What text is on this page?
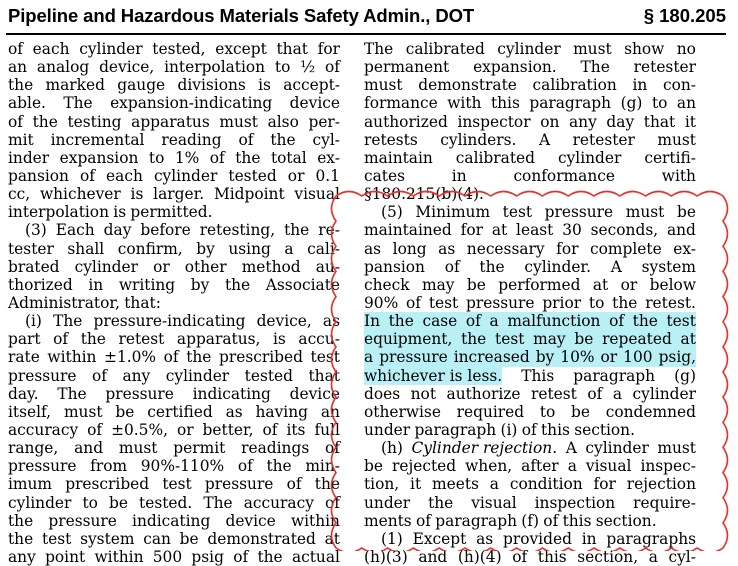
Pipeline and Hazardous Materials Safety Admin., DOT	§ 180.205
of each cylinder tested, except that for
an analog device, interpolation to ½ of
the marked gauge divisions is accept-
able. The expansion-indicating device
of the testing apparatus must also per-
mit incremental reading of the cyl-
inder expansion to 1% of the total ex-
pansion of each cylinder tested or 0.1
cc, whichever is larger. Midpoint visual
interpolation is permitted.
(3) Each day before retesting, the re-
tester shall confirm, by using a cali-
brated cylinder or other method au-
thorized in writing by the Associate
Administrator, that:
(i) The pressure-indicating device, as
part of the retest apparatus, is accu-
rate within ±1.0% of the prescribed test
pressure of any cylinder tested that
day. The pressure indicating device
itself, must be certified as having an
accuracy of ±0.5%, or better, of its full
range, and must permit readings of
pressure from 90%-110% of the min-
imum prescribed test pressure of the
cylinder to be tested. The accuracy of
the pressure indicating device within
the test system can be demonstrated at
any point within 500 psig of the actual
The calibrated cylinder must show no
permanent expansion. The retester
must demonstrate calibration in con-
formance with this paragraph (g) to an
authorized inspector on any day that it
retests cylinders. A retester must
maintain calibrated cylinder certifi-
cates	in	conformance	with
§180.215(b)(4).
(5) Minimum test pressure must be
maintained for at least 30 seconds, and
as long as necessary for complete ex-
pansion of the cylinder. A system
check may be performed at or below
90% of test pressure prior to the retest.
In the case of a malfunction of the test
equipment, the test may be repeated at
a pressure increased by 10% or 100 psig,
whichever is less. This paragraph (g)
does not authorize retest of a cylinder
otherwise required to be condemned
under paragraph (i) of this section.
(h) Cylinder rejection. A cylinder must
be rejected when, after a visual inspec-
tion, it meets a condition for rejection
under the visual inspection require-
ments of paragraph (f) of this section.
(1) Except as provided in paragraphs
(h)(3) and (h)(4) of this section, a cyl-
